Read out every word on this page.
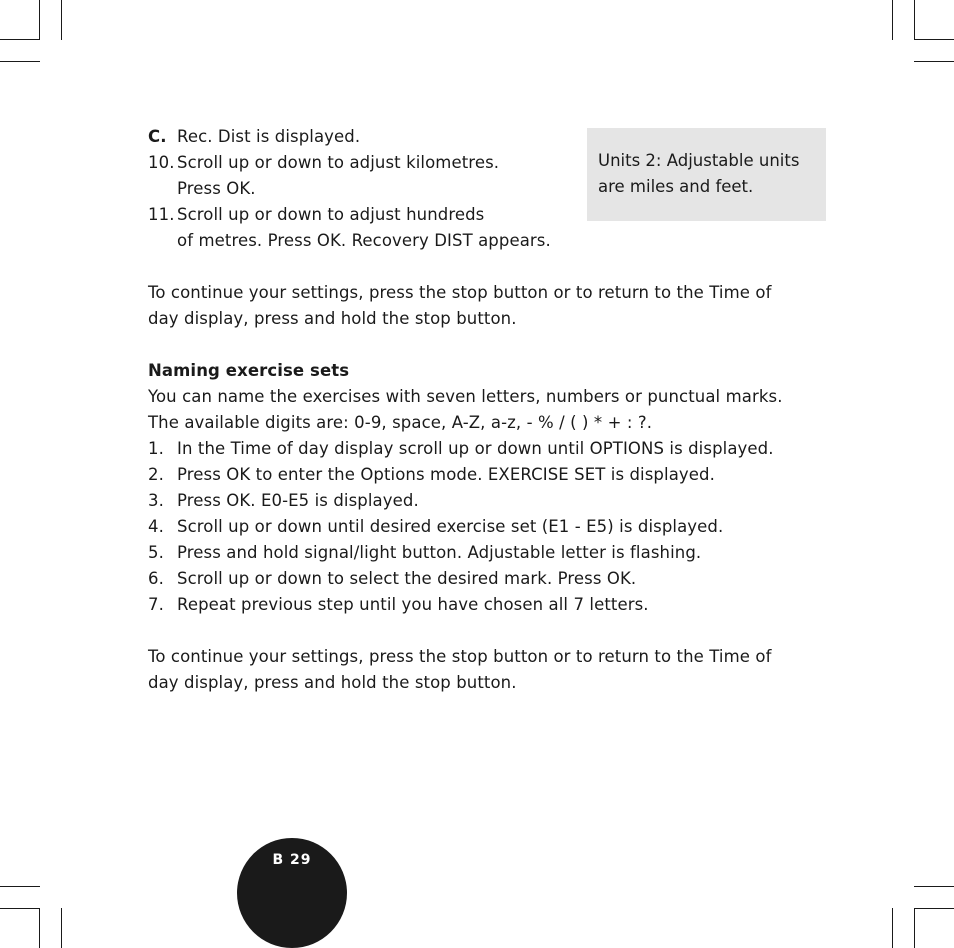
C. Rec. Dist is displayed.
10. Scroll up or down to adjust kilometres.
Press OK.
11. Scroll up or down to adjust hundreds
of metres. Press OK. Recovery DIST appears.
To continue your settings, press the stop button or to return to the Time of
day display, press and hold the stop button.
Naming exercise sets
You can name the exercises with seven letters, numbers or punctual marks.
The available digits are: 0-9, space, A-Z, a-z, - % / ( ) * + : ?.
1. In the Time of day display scroll up or down until OPTIONS is displayed.
2. Press OK to enter the Options mode. EXERCISE SET is displayed.
3. Press OK. E0-E5 is displayed.
4. Scroll up or down until desired exercise set (E1 - E5) is displayed.
5. Press and hold signal/light button. Adjustable letter is flashing.
6. Scroll up or down to select the desired mark. Press OK.
7. Repeat previous step until you have chosen all 7 letters.
To continue your settings, press the stop button or to return to the Time of
day display, press and hold the stop button.
Units 2: Adjustable units
are miles and feet.
B 29
